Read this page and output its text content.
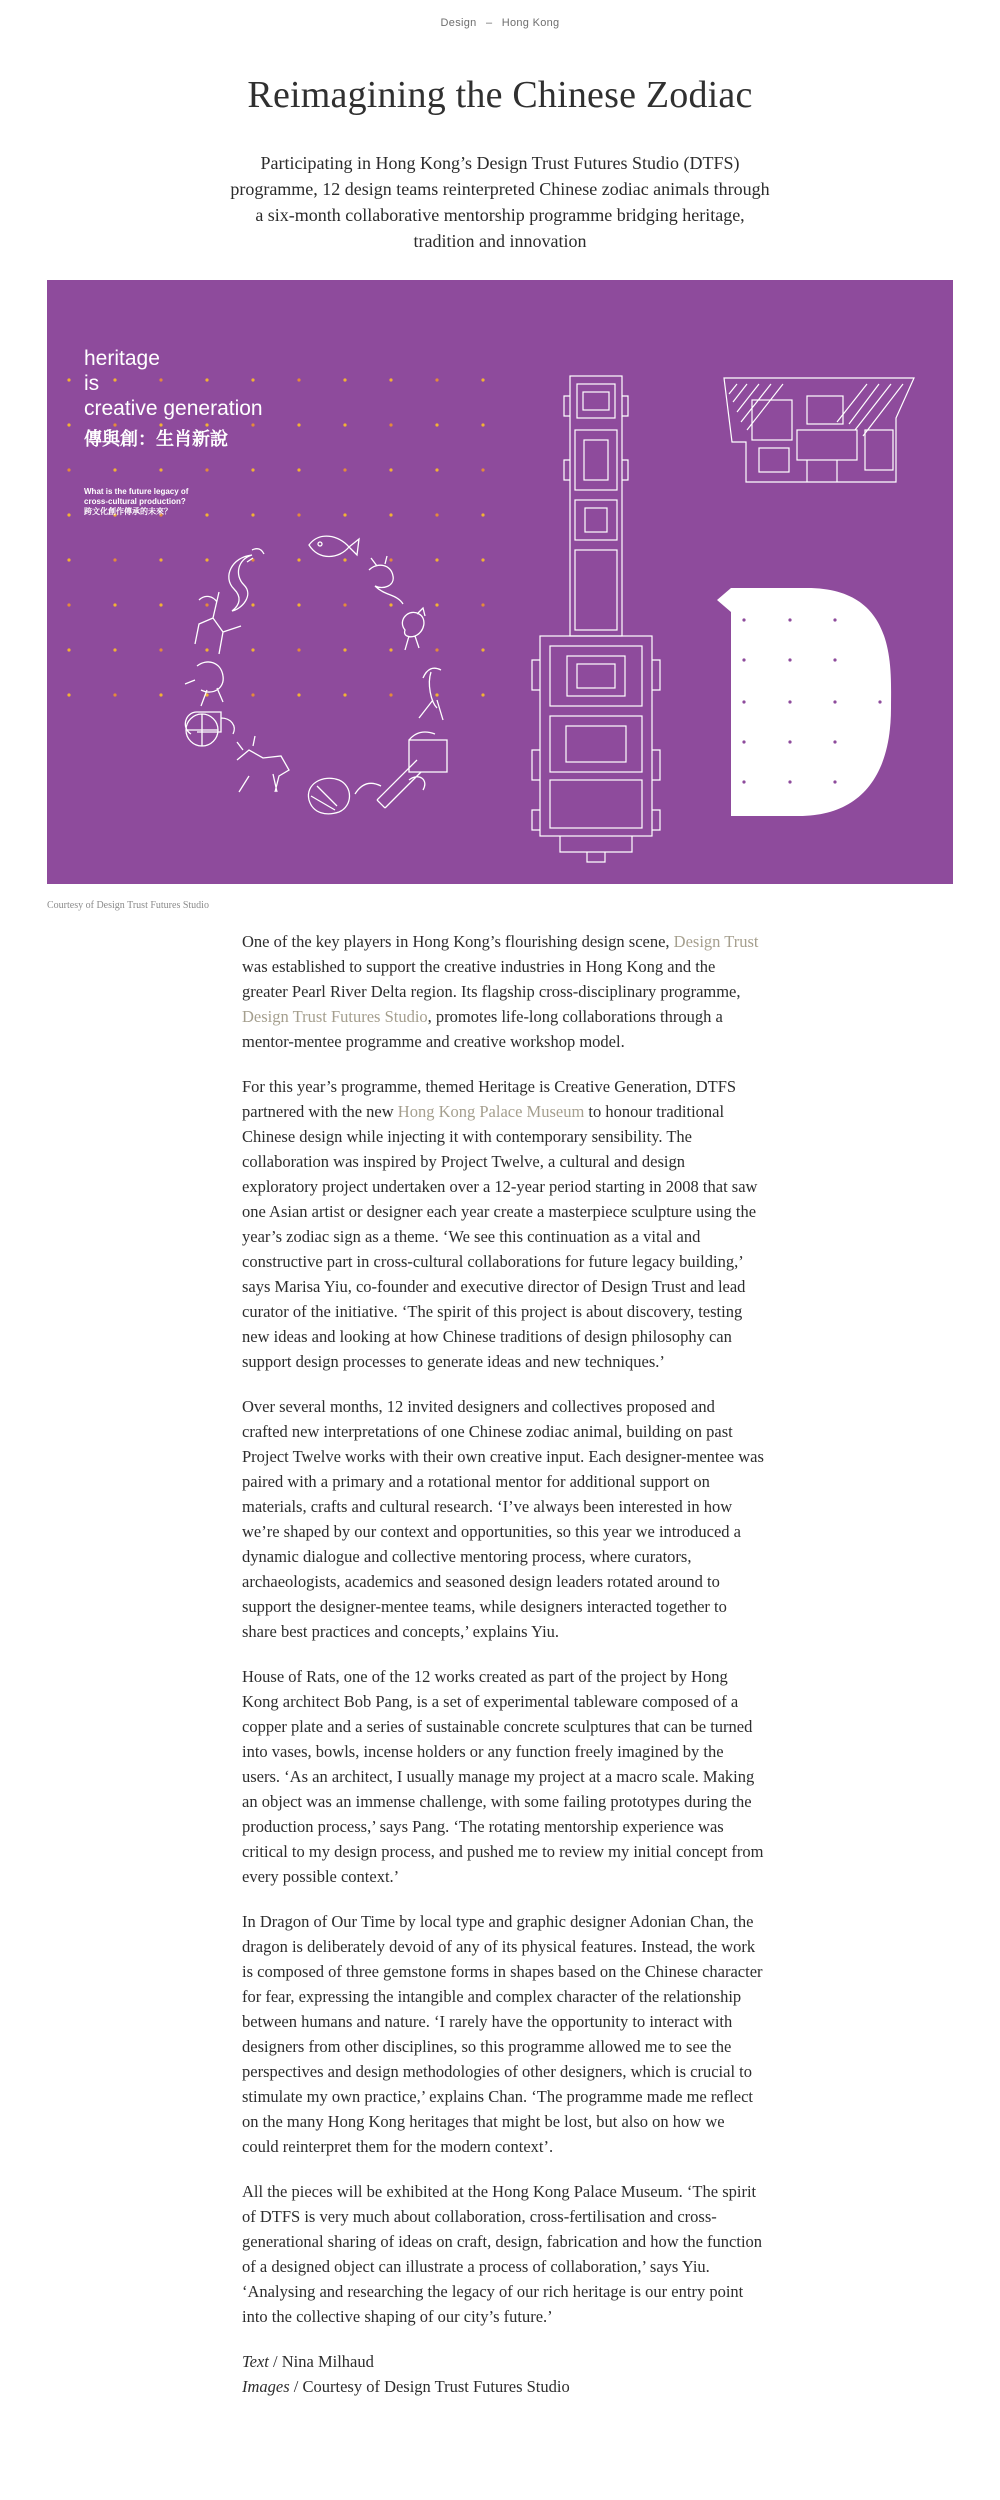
Design – Hong Kong
Reimagining the Chinese Zodiac
Participating in Hong Kong’s Design Trust Futures Studio (DTFS) programme, 12 design teams reinterpreted Chinese zodiac animals through a six-month collaborative mentorship programme bridging heritage, tradition and innovation
heritage
is
creative generation
傳與創：生肖新說
What is the future legacy of
cross-cultural production?
跨文化創作傳承的未來？
Courtesy of Design Trust Futures Studio

One of the key players in Hong Kong’s flourishing design scene, Design Trust was established to support the creative industries in Hong Kong and the greater Pearl River Delta region. Its flagship cross-disciplinary programme, Design Trust Futures Studio, promotes life-long collaborations through a mentor-mentee programme and creative workshop model.

For this year’s programme, themed Heritage is Creative Generation, DTFS partnered with the new Hong Kong Palace Museum to honour traditional Chinese design while injecting it with contemporary sensibility. The collaboration was inspired by Project Twelve, a cultural and design exploratory project undertaken over a 12-year period starting in 2008 that saw one Asian artist or designer each year create a masterpiece sculpture using the year’s zodiac sign as a theme. ‘We see this continuation as a vital and constructive part in cross-cultural collaborations for future legacy building,’ says Marisa Yiu, co-founder and executive director of Design Trust and lead curator of the initiative. ‘The spirit of this project is about discovery, testing new ideas and looking at how Chinese traditions of design philosophy can support design processes to generate ideas and new techniques.’

Over several months, 12 invited designers and collectives proposed and crafted new interpretations of one Chinese zodiac animal, building on past Project Twelve works with their own creative input. Each designer-mentee was paired with a primary and a rotational mentor for additional support on materials, crafts and cultural research. ‘I’ve always been interested in how we’re shaped by our context and opportunities, so this year we introduced a dynamic dialogue and collective mentoring process, where curators, archaeologists, academics and seasoned design leaders rotated around to support the designer-mentee teams, while designers interacted together to share best practices and concepts,’ explains Yiu.

House of Rats, one of the 12 works created as part of the project by Hong Kong architect Bob Pang, is a set of experimental tableware composed of a copper plate and a series of sustainable concrete sculptures that can be turned into vases, bowls, incense holders or any function freely imagined by the users. ‘As an architect, I usually manage my project at a macro scale. Making an object was an immense challenge, with some failing prototypes during the production process,’ says Pang. ‘The rotating mentorship experience was critical to my design process, and pushed me to review my initial concept from every possible context.’

In Dragon of Our Time by local type and graphic designer Adonian Chan, the dragon is deliberately devoid of any of its physical features. Instead, the work is composed of three gemstone forms in shapes based on the Chinese character for fear, expressing the intangible and complex character of the relationship between humans and nature. ‘I rarely have the opportunity to interact with designers from other disciplines, so this programme allowed me to see the perspectives and design methodologies of other designers, which is crucial to stimulate my own practice,’ explains Chan. ‘The programme made me reflect on the many Hong Kong heritages that might be lost, but also on how we could reinterpret them for the modern context’.

All the pieces will be exhibited at the Hong Kong Palace Museum. ‘The spirit of DTFS is very much about collaboration, cross-fertilisation and cross-generational sharing of ideas on craft, design, fabrication and how the function of a designed object can illustrate a process of collaboration,’ says Yiu. ‘Analysing and researching the legacy of our rich heritage is our entry point into the collective shaping of our city’s future.’

Text / Nina Milhaud
Images / Courtesy of Design Trust Futures Studio
